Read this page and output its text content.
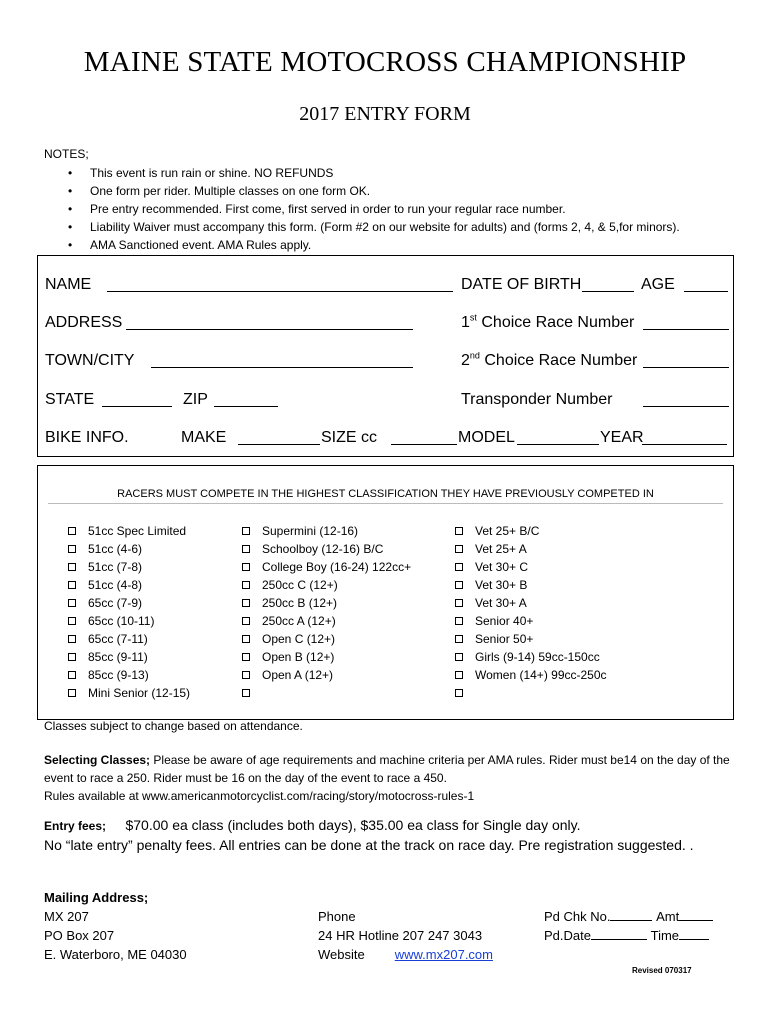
MAINE STATE MOTOCROSS CHAMPIONSHIP
2017 ENTRY FORM
NOTES;
• This event is run rain or shine. NO REFUNDS
• One form per rider. Multiple classes on one form OK.
• Pre entry recommended. First come, first served in order to run your regular race number.
• Liability Waiver must accompany this form. (Form #2 on our website for adults) and (forms 2, 4, & 5,for minors).
• AMA Sanctioned event. AMA Rules apply.
NAME	DATE OF BIRTH	AGE
ADDRESS	1st Choice Race Number
TOWN/CITY	2nd Choice Race Number
STATE	ZIP	Transponder Number
BIKE INFO.	MAKE	SIZE cc	MODEL	YEAR
RACERS MUST COMPETE IN THE HIGHEST CLASSIFICATION THEY HAVE PREVIOUSLY COMPETED IN
51cc Spec Limited
51cc (4-6)
51cc (7-8)
51cc (4-8)
65cc (7-9)
65cc (10-11)
65cc (7-11)
85cc (9-11)
85cc (9-13)
Mini Senior (12-15)
Supermini (12-16)
Schoolboy (12-16) B/C
College Boy (16-24) 122cc+
250cc C (12+)
250cc B (12+)
250cc A (12+)
Open C (12+)
Open B (12+)
Open A (12+)
Vet 25+ B/C
Vet 25+ A
Vet 30+ C
Vet 30+ B
Vet 30+ A
Senior 40+
Senior 50+
Girls (9-14) 59cc-150cc
Women (14+) 99cc-250c
Classes subject to change based on attendance.
Selecting Classes; Please be aware of age requirements and machine criteria per AMA rules. Rider must be14 on the day of the event to race a 250. Rider must be 16 on the day of the event to race a 450.
Rules available at www.americanmotorcyclist.com/racing/story/motocross-rules-1
Entry fees; $70.00 ea class (includes both days), $35.00 ea class for Single day only.
No “late entry” penalty fees. All entries can be done at the track on race day. Pre registration suggested. .
Mailing Address;
MX 207
PO Box 207
E. Waterboro, ME 04030
Phone
24 HR Hotline 207 247 3043
Website www.mx207.com
Pd Chk No.	Amt
Pd.Date	Time
Revised 070317
